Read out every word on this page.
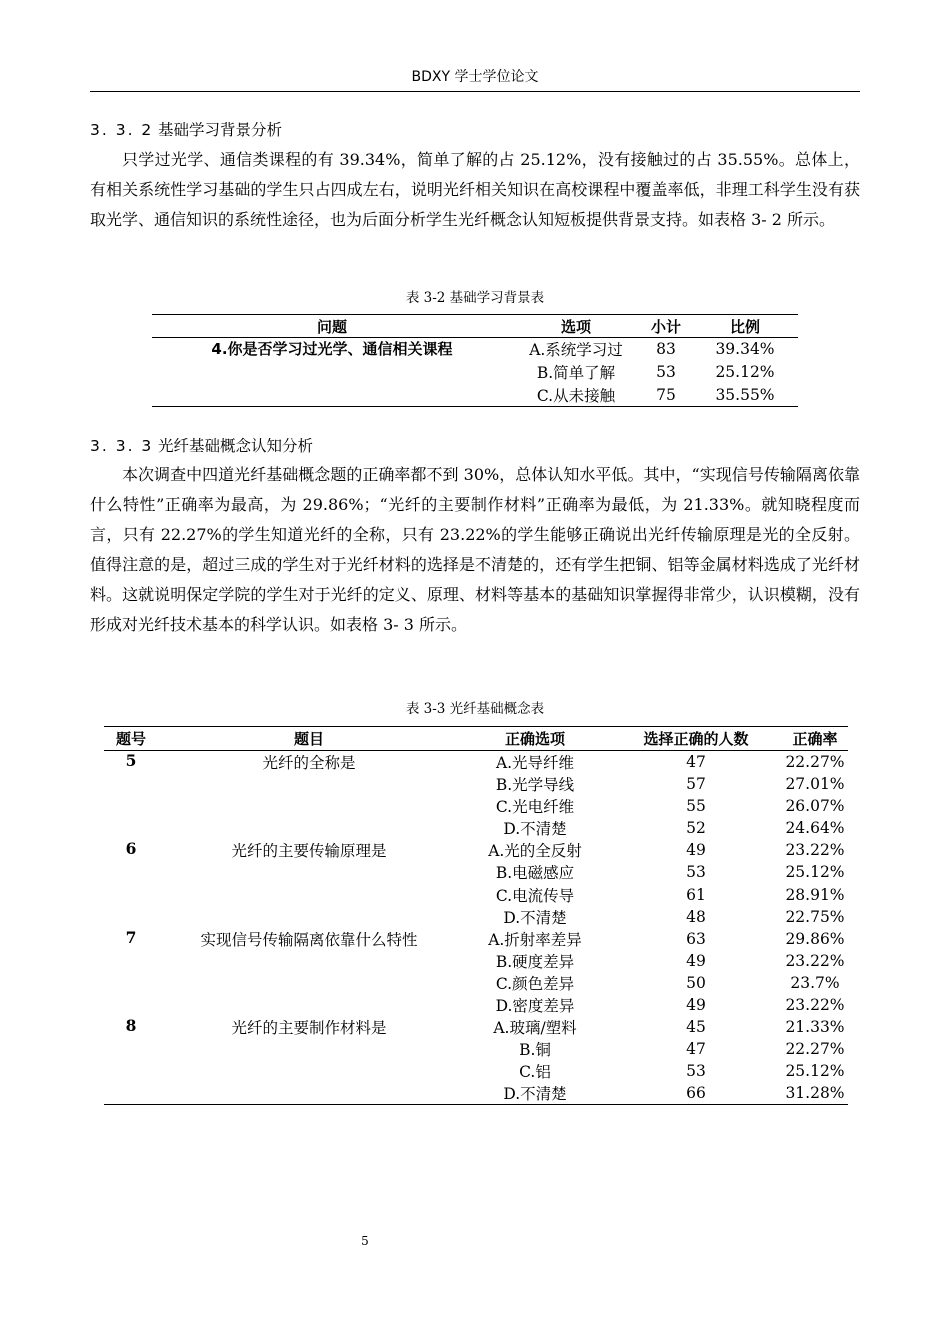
BDXY 学士学位论文
3. 3. 2 基础学习背景分析

只学过光学、通信类课程的有 39.34%，简单了解的占 25.12%，没有接触过的占 35.55%。总体上，有相关系统性学习基础的学生只占四成左右，说明光纤相关知识在高校课程中覆盖率低，非理工科学生没有获取光学、通信知识的系统性途径，也为后面分析学生光纤概念认知短板提供背景支持。如表格 3- 2 所示。

表 3-2 基础学习背景表
问题	选项	小计	比例
4.你是否学习过光学、通信相关课程	A.系统学习过	83	39.34%
	B.简单了解	53	25.12%
	C.从未接触	75	35.55%
3. 3. 3 光纤基础概念认知分析

本次调查中四道光纤基础概念题的正确率都不到 30%，总体认知水平低。其中，“实现信号传输隔离依靠什么特性”正确率为最高，为 29.86%；“光纤的主要制作材料”正确率为最低，为 21.33%。就知晓程度而言，只有 22.27%的学生知道光纤的全称，只有 23.22%的学生能够正确说出光纤传输原理是光的全反射。值得注意的是，超过三成的学生对于光纤材料的选择是不清楚的，还有学生把铜、铝等金属材料选成了光纤材料。这就说明保定学院的学生对于光纤的定义、原理、材料等基本的基础知识掌握得非常少，认识模糊，没有形成对光纤技术基本的科学认识。如表格 3- 3 所示。

表 3-3 光纤基础概念表
题号	题目	正确选项	选择正确的人数	正确率
5	光纤的全称是	A.光导纤维	47	22.27%
		B.光学导线	57	27.01%
		C.光电纤维	55	26.07%
		D.不清楚	52	24.64%
6	光纤的主要传输原理是	A.光的全反射	49	23.22%
		B.电磁感应	53	25.12%
		C.电流传导	61	28.91%
		D.不清楚	48	22.75%
7	实现信号传输隔离依靠什么特性	A.折射率差异	63	29.86%
		B.硬度差异	49	23.22%
		C.颜色差异	50	23.7%
		D.密度差异	49	23.22%
8	光纤的主要制作材料是	A.玻璃/塑料	45	21.33%
		B.铜	47	22.27%
		C.铝	53	25.12%
		D.不清楚	66	31.28%
5
